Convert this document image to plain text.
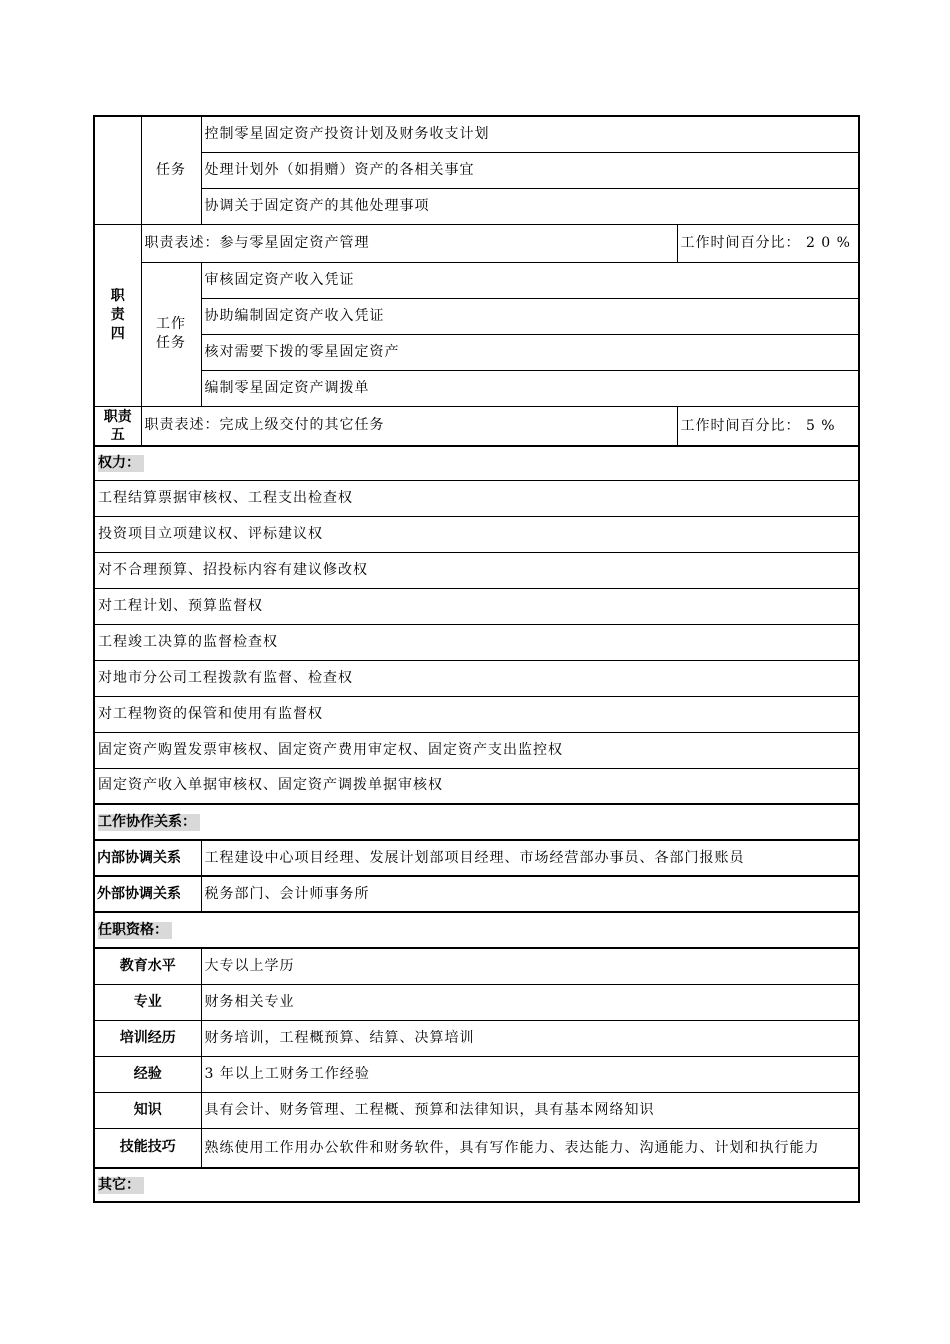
	任务	控制零星固定资产投资计划及财务收支计划	
		处理计划外（如捐赠）资产的各相关事宜	
		协调关于固定资产的其他处理事项	
职
责
四	职责表述：参与零星固定资产管理		工作时间百分比： 2 0 %
	工作
任务	审核固定资产收入凭证	
		协助编制固定资产收入凭证	
		核对需要下拨的零星固定资产	
		编制零星固定资产调拨单	
职责
五	职责表述：完成上级交付的其它任务		工作时间百分比： 5 %
权力：			
工程结算票据审核权、工程支出检查权			
投资项目立项建议权、评标建议权			
对不合理预算、招投标内容有建议修改权			
对工程计划、预算监督权			
工程竣工决算的监督检查权			
对地市分公司工程拨款有监督、检查权			
对工程物资的保管和使用有监督权			
固定资产购置发票审核权、固定资产费用审定权、固定资产支出监控权			
固定资产收入单据审核权、固定资产调拨单据审核权			
工作协作关系：			
内部协调关系		工程建设中心项目经理、发展计划部项目经理、市场经营部办事员、各部门报账员	
外部协调关系		税务部门、会计师事务所	
任职资格：			
教育水平		大专以上学历	
专业		财务相关专业	
培训经历		财务培训，工程概预算、结算、决算培训	
经验		3 年以上工财务工作经验	
知识		具有会计、财务管理、工程概、预算和法律知识，具有基本网络知识	
技能技巧		熟练使用工作用办公软件和财务软件，具有写作能力、表达能力、沟通能力、计划和执行能力	
其它：			
